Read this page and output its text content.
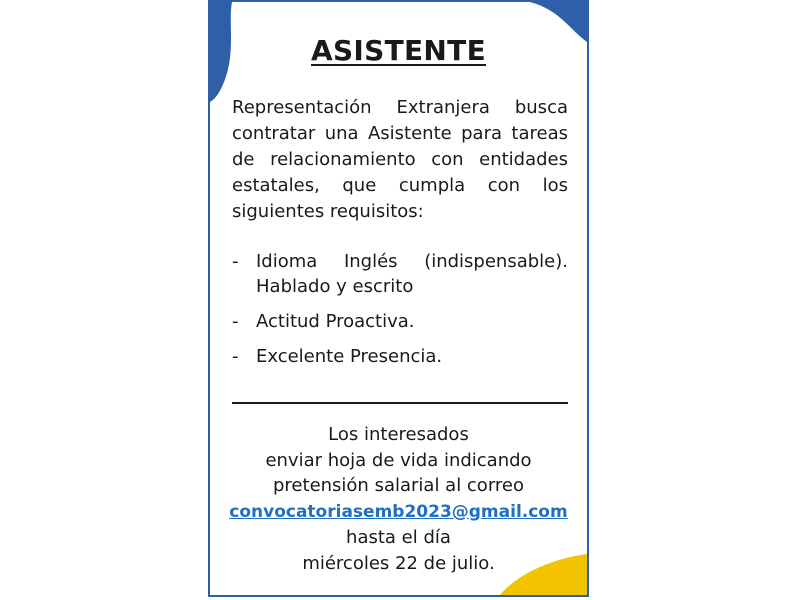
ASISTENTE
Representación Extranjera busca contratar una Asistente para tareas de relacionamiento con entidades estatales, que cumpla con los siguientes requisitos:
- Idioma Inglés (indispensable). Hablado y escrito
- Actitud Proactiva.
- Excelente Presencia.
Los interesados
enviar hoja de vida indicando
pretensión salarial al correo
convocatoriasemb2023@gmail.com
hasta el día
miércoles 22 de julio.
